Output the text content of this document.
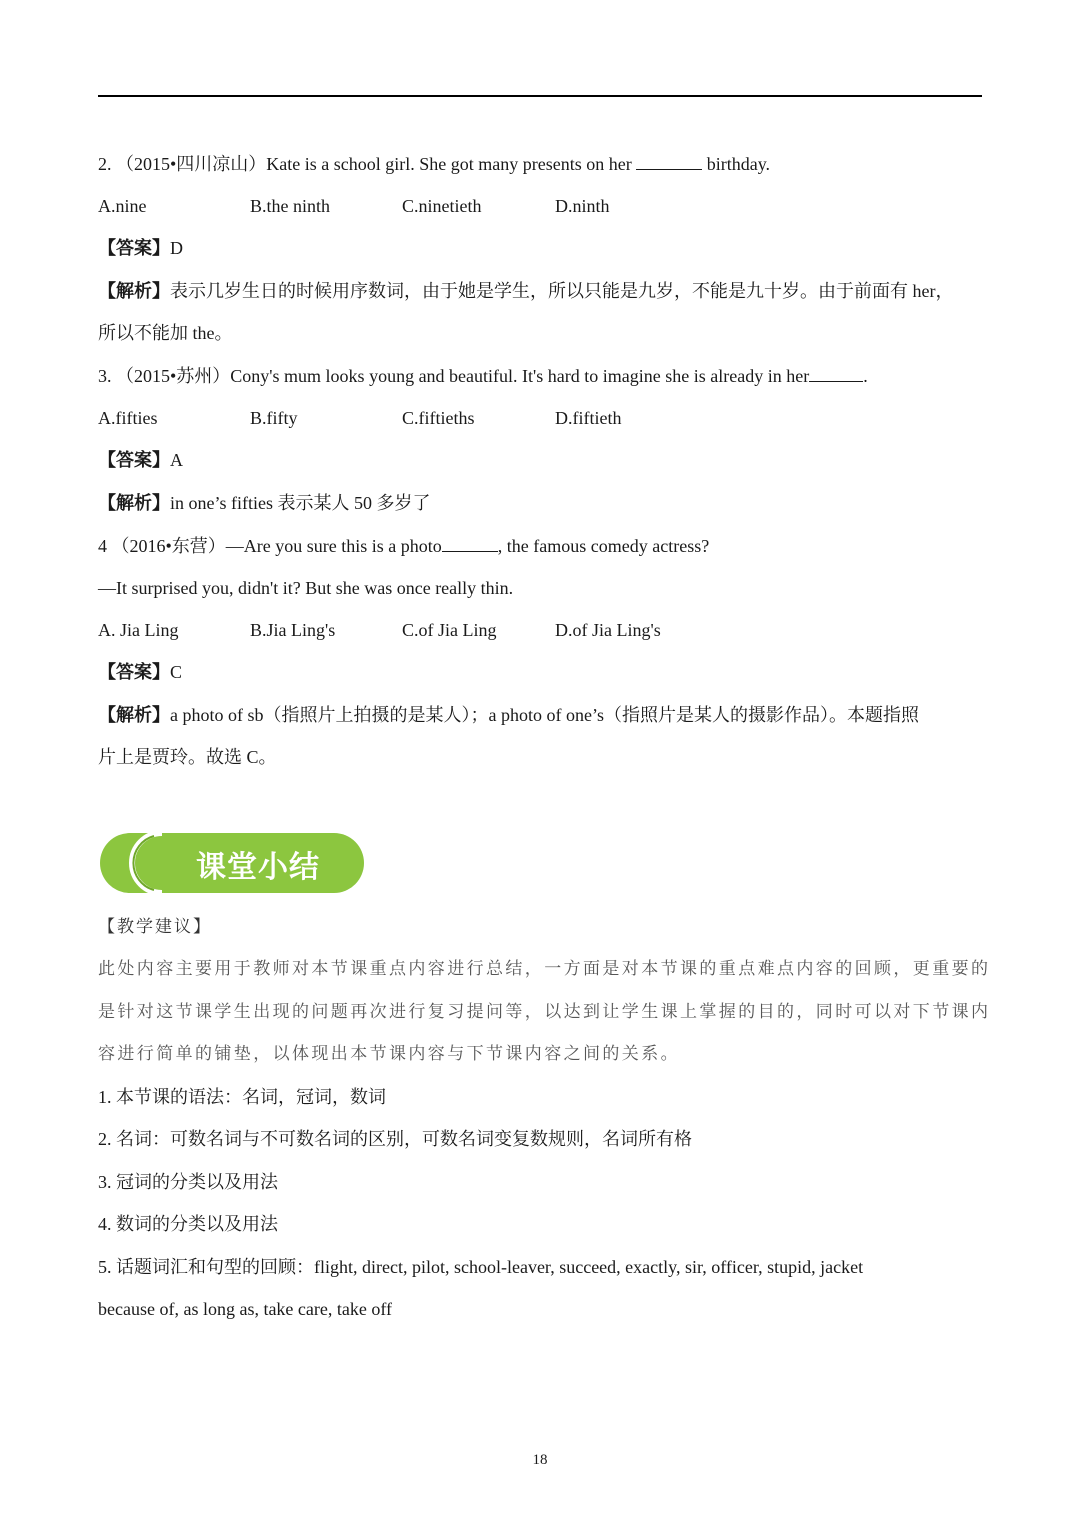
2. （2015•四川凉山）Kate is a school girl. She got many presents on her	birthday.
A.nine	B.the ninth	C.ninetieth	D.ninth
【答案】D
【解析】表示几岁生日的时候用序数词，由于她是学生，所以只能是九岁，不能是九十岁。由于前面有 her，
所以不能加 the。
3. （2015•苏州）Cony's mum looks young and beautiful. It's hard to imagine she is already in her	.
A.fifties	B.fifty	C.fiftieths	D.fiftieth
【答案】A
【解析】in one’s fifties 表示某人 50 多岁了
4 （2016•东营）—Are you sure this is a photo	, the famous comedy actress?
—It surprised you, didn't it? But she was once really thin.
A. Jia Ling	B.Jia Ling's	C.of Jia Ling	D.of Jia Ling's
【答案】C
【解析】a photo of sb（指照片上拍摄的是某人）；a photo of one’s（指照片是某人的摄影作品）。本题指照
片上是贾玲。故选 C。
课堂小结
【教学建议】
此处内容主要用于教师对本节课重点内容进行总结，一方面是对本节课的重点难点内容的回顾，更重要的
是针对这节课学生出现的问题再次进行复习提问等，以达到让学生课上掌握的目的，同时可以对下节课内
容进行简单的铺垫，以体现出本节课内容与下节课内容之间的关系。
1. 本节课的语法：名词，冠词，数词
2. 名词：可数名词与不可数名词的区别，可数名词变复数规则，名词所有格
3. 冠词的分类以及用法
4. 数词的分类以及用法
5. 话题词汇和句型的回顾：flight, direct, pilot, school-leaver, succeed, exactly, sir, officer, stupid, jacket
because of, as long as, take care, take off
18
